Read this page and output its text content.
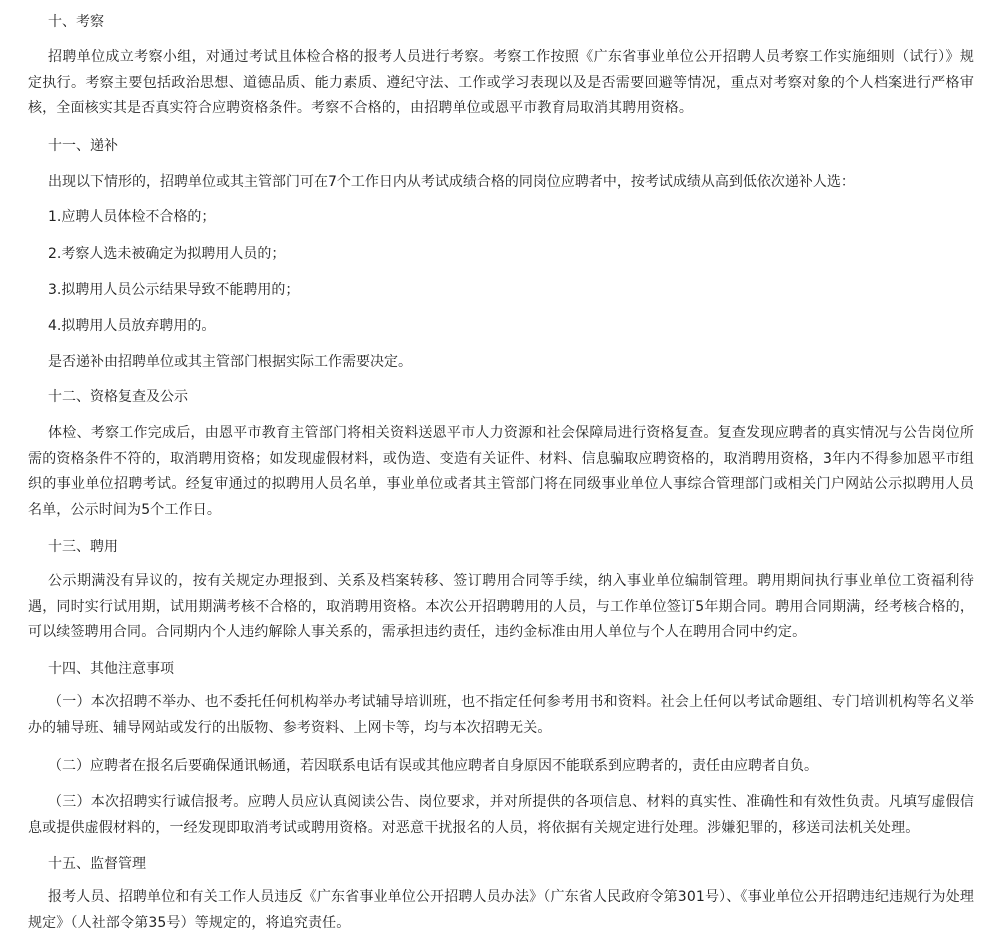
十、考察
招聘单位成立考察小组，对通过考试且体检合格的报考人员进行考察。考察工作按照《广东省事业单位公开招聘人员考察工作实施细则（试行）》规定执行。考察主要包括政治思想、道德品质、能力素质、遵纪守法、工作或学习表现以及是否需要回避等情况，重点对考察对象的个人档案进行严格审核，全面核实其是否真实符合应聘资格条件。考察不合格的，由招聘单位或恩平市教育局取消其聘用资格。
十一、递补
出现以下情形的，招聘单位或其主管部门可在7个工作日内从考试成绩合格的同岗位应聘者中，按考试成绩从高到低依次递补人选：
1.应聘人员体检不合格的；
2.考察人选未被确定为拟聘用人员的；
3.拟聘用人员公示结果导致不能聘用的；
4.拟聘用人员放弃聘用的。
是否递补由招聘单位或其主管部门根据实际工作需要决定。
十二、资格复查及公示
体检、考察工作完成后，由恩平市教育主管部门将相关资料送恩平市人力资源和社会保障局进行资格复查。复查发现应聘者的真实情况与公告岗位所需的资格条件不符的，取消聘用资格；如发现虚假材料，或伪造、变造有关证件、材料、信息骗取应聘资格的，取消聘用资格，3年内不得参加恩平市组织的事业单位招聘考试。经复审通过的拟聘用人员名单，事业单位或者其主管部门将在同级事业单位人事综合管理部门或相关门户网站公示拟聘用人员名单，公示时间为5个工作日。
十三、聘用
公示期满没有异议的，按有关规定办理报到、关系及档案转移、签订聘用合同等手续，纳入事业单位编制管理。聘用期间执行事业单位工资福利待遇，同时实行试用期，试用期满考核不合格的，取消聘用资格。本次公开招聘聘用的人员，与工作单位签订5年期合同。聘用合同期满，经考核合格的，可以续签聘用合同。合同期内个人违约解除人事关系的，需承担违约责任，违约金标准由用人单位与个人在聘用合同中约定。
十四、其他注意事项
（一）本次招聘不举办、也不委托任何机构举办考试辅导培训班，也不指定任何参考用书和资料。社会上任何以考试命题组、专门培训机构等名义举办的辅导班、辅导网站或发行的出版物、参考资料、上网卡等，均与本次招聘无关。
（二）应聘者在报名后要确保通讯畅通，若因联系电话有误或其他应聘者自身原因不能联系到应聘者的，责任由应聘者自负。
（三）本次招聘实行诚信报考。应聘人员应认真阅读公告、岗位要求，并对所提供的各项信息、材料的真实性、准确性和有效性负责。凡填写虚假信息或提供虚假材料的，一经发现即取消考试或聘用资格。对恶意干扰报名的人员，将依据有关规定进行处理。涉嫌犯罪的，移送司法机关处理。
十五、监督管理
报考人员、招聘单位和有关工作人员违反《广东省事业单位公开招聘人员办法》（广东省人民政府令第301号）、《事业单位公开招聘违纪违规行为处理规定》（人社部令第35号）等规定的，将追究责任。
